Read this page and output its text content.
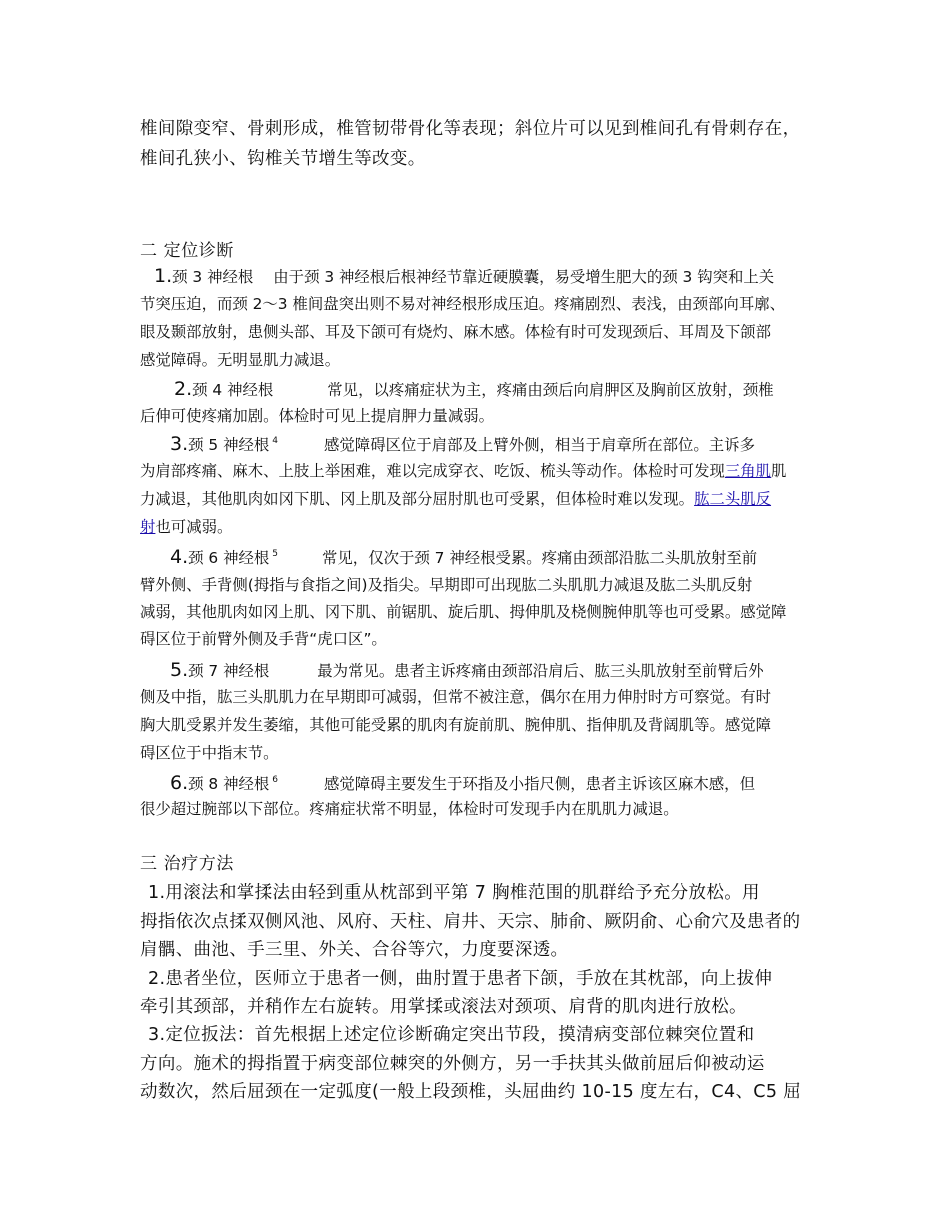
椎间隙变窄、骨刺形成，椎管韧带骨化等表现；斜位片可以见到椎间孔有骨刺存在，
椎间孔狭小、钩椎关节增生等改变。
二 定位诊断
1.颈 3 神经根 由于颈 3 神经根后根神经节靠近硬膜囊，易受增生肥大的颈 3 钩突和上关
节突压迫，而颈 2～3 椎间盘突出则不易对神经根形成压迫。疼痛剧烈、表浅，由颈部向耳廓、
眼及颞部放射，患侧头部、耳及下颌可有烧灼、麻木感。体检有时可发现颈后、耳周及下颌部
感觉障碍。无明显肌力减退。
2.颈 4 神经根	常见，以疼痛症状为主，疼痛由颈后向肩胛区及胸前区放射，颈椎
后伸可使疼痛加剧。体检时可见上提肩胛力量减弱。
3.颈 5 神经根 $^4$	感觉障碍区位于肩部及上臂外侧，相当于肩章所在部位。主诉多
为肩部疼痛、麻木、上肢上举困难，难以完成穿衣、吃饭、梳头等动作。体检时可发现三角肌肌
力减退，其他肌肉如冈下肌、冈上肌及部分屈肘肌也可受累，但体检时难以发现。肱二头肌反
射也可减弱。
4.颈 6 神经根 $^5$	常见，仅次于颈 7 神经根受累。疼痛由颈部沿肱二头肌放射至前
臂外侧、手背侧(拇指与食指之间)及指尖。早期即可出现肱二头肌肌力减退及肱二头肌反射
减弱，其他肌肉如冈上肌、冈下肌、前锯肌、旋后肌、拇伸肌及桡侧腕伸肌等也可受累。感觉障
碍区位于前臂外侧及手背“虎口区”。
5.颈 7 神经根	最为常见。患者主诉疼痛由颈部沿肩后、肱三头肌放射至前臂后外
侧及中指，肱三头肌肌力在早期即可减弱，但常不被注意，偶尔在用力伸肘时方可察觉。有时
胸大肌受累并发生萎缩，其他可能受累的肌肉有旋前肌、腕伸肌、指伸肌及背阔肌等。感觉障
碍区位于中指末节。
6.颈 8 神经根 $^6$	感觉障碍主要发生于环指及小指尺侧，患者主诉该区麻木感，但
很少超过腕部以下部位。疼痛症状常不明显，体检时可发现手内在肌肌力减退。
三 治疗方法
1.用滚法和掌揉法由轻到重从枕部到平第 7 胸椎范围的肌群给予充分放松。用
拇指依次点揉双侧风池、风府、天柱、肩井、天宗、肺俞、厥阴俞、心俞穴及患者的
肩髃、曲池、手三里、外关、合谷等穴，力度要深透。
2.患者坐位，医师立于患者一侧，曲肘置于患者下颌，手放在其枕部，向上拔伸
牵引其颈部，并稍作左右旋转。用掌揉或滚法对颈项、肩背的肌肉进行放松。
3.定位扳法：首先根据上述定位诊断确定突出节段，摸清病变部位棘突位置和
方向。施术的拇指置于病变部位棘突的外侧方，另一手扶其头做前屈后仰被动运
动数次，然后屈颈在一定弧度(一般上段颈椎，头屈曲约 10-15 度左右，C4、C5 屈
